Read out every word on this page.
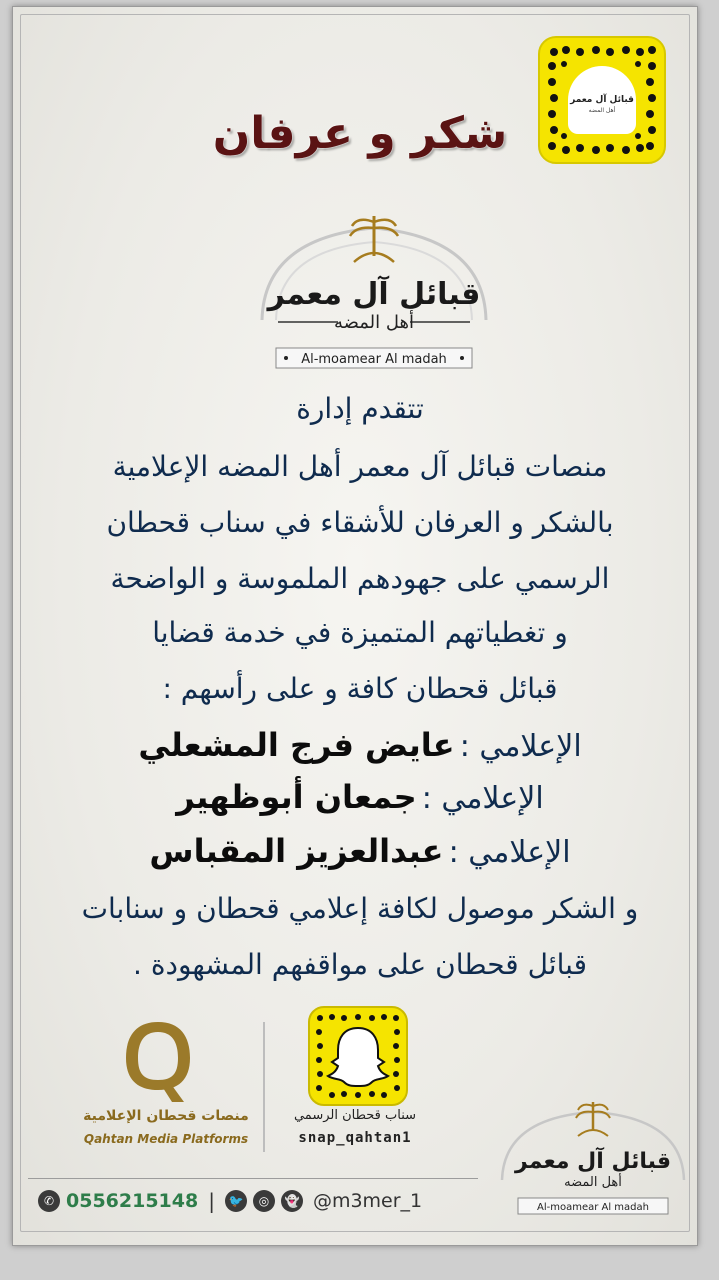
قبائل آل معمر
أهل المضه
شكر و عرفان
قبائل آل معمر
أهل المضه
Al-moamear Al madah
تتقدم إدارة
منصات قبائل آل معمر أهل المضه الإعلامية
بالشكر و العرفان للأشقاء في سناب قحطان
الرسمي على جهودهم الملموسة و الواضحة
و تغطياتهم المتميزة في خدمة قضايا
قبائل قحطان كافة و على رأسهم :
الإعلامي : عايض فرج المشعلي
الإعلامي : جمعان أبوظهير
الإعلامي : عبدالعزيز المقباس
و الشكر موصول لكافة إعلامي قحطان و سنابات
قبائل قحطان على مواقفهم المشهودة .
منصات قحطان الإعلامية
Qahtan Media Platforms
سناب قحطان الرسمي
snap_qahtan1
قبائل آل معمر
أهل المضه
Al-moamear Al madah
✆ 0556215148 | 🐦	◎	👻 @m3mer_1
